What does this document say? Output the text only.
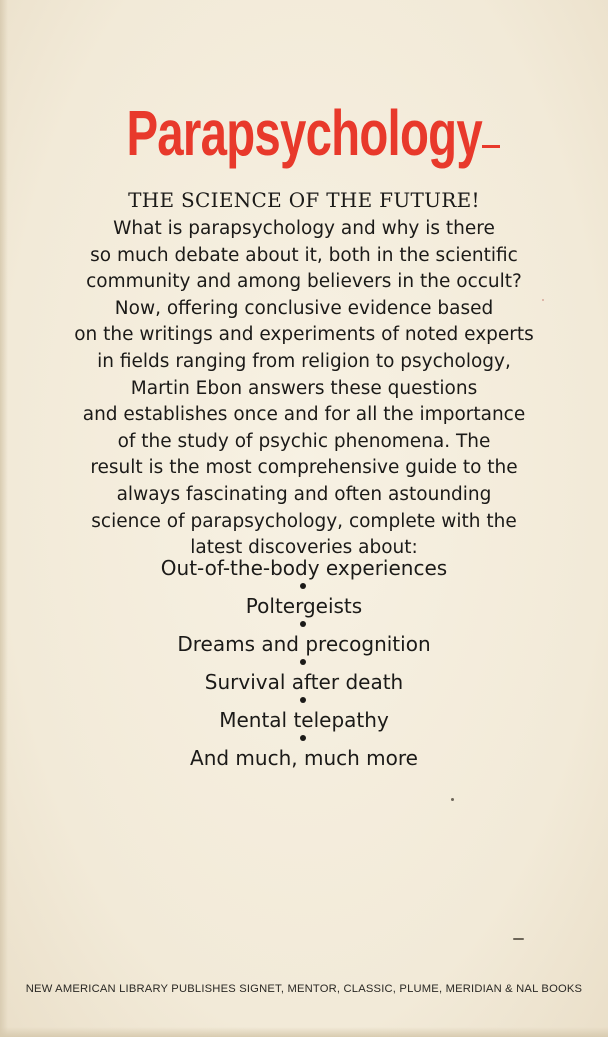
Parapsychology
THE SCIENCE OF THE FUTURE!
What is parapsychology and why is there
so much debate about it, both in the scientific
community and among believers in the occult?
Now, offering conclusive evidence based
on the writings and experiments of noted experts
in fields ranging from religion to psychology,
Martin Ebon answers these questions
and establishes once and for all the importance
of the study of psychic phenomena. The
result is the most comprehensive guide to the
always fascinating and often astounding
science of parapsychology, complete with the
latest discoveries about:
Out-of-the-body experiences
Poltergeists
Dreams and precognition
Survival after death
Mental telepathy
And much, much more
NEW AMERICAN LIBRARY PUBLISHES SIGNET, MENTOR, CLASSIC, PLUME, MERIDIAN & NAL BOOKS
